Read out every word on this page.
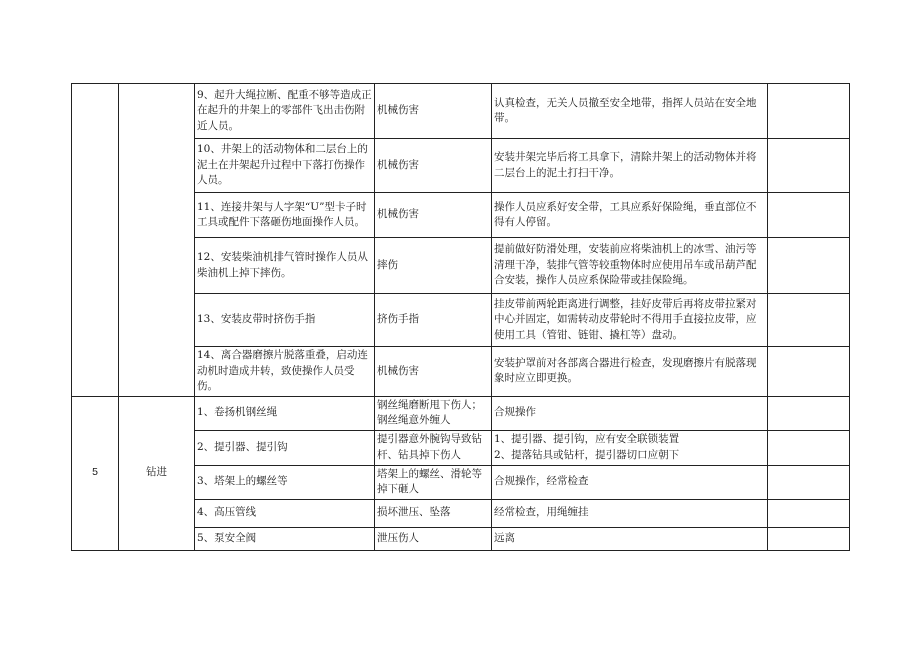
		9、起升大绳拉断、配重不够等造成正在起升的井架上的零部件飞出击伤附近人员。	机械伤害	认真检查，无关人员撤至安全地带，指挥人员站在安全地带。	
		10、井架上的活动物体和二层台上的泥土在井架起升过程中下落打伤操作人员。	机械伤害	安装井架完毕后将工具拿下，清除井架上的活动物体并将二层台上的泥土打扫干净。	
		11、连接井架与人字架“U”型卡子时工具或配件下落砸伤地面操作人员。	机械伤害	操作人员应系好安全带，工具应系好保险绳，垂直部位不得有人停留。	
		12、安装柴油机排气管时操作人员从柴油机上掉下摔伤。	摔伤	提前做好防滑处理，安装前应将柴油机上的冰雪、油污等清理干净，装排气管等较重物体时应使用吊车或吊葫芦配合安装，操作人员应系保险带或挂保险绳。	
		13、安装皮带时挤伤手指	挤伤手指	挂皮带前两轮距离进行调整，挂好皮带后再将皮带拉紧对中心并固定，如需转动皮带轮时不得用手直接拉皮带，应使用工具（管钳、链钳、撬杠等）盘动。	
		14、离合器磨擦片脱落重叠，启动连动机时造成井转，致使操作人员受伤。	机械伤害	安装护罩前对各部离合器进行检查，发现磨擦片有脱落现象时应立即更换。	
5	钻进	1、卷扬机钢丝绳	钢丝绳磨断甩下伤人；钢丝绳意外缠人	合规操作	
		2、提引器、提引钩	提引器意外腕钩导致钻杆、钻具掉下伤人	1、提引器、提引钩，应有安全联锁装置
2、提落钻具或钻杆，提引器切口应朝下	
		3、塔架上的螺丝等	塔架上的螺丝、滑轮等掉下砸人	合规操作，经常检查	
		4、高压管线	损坏泄压、坠落	经常检查，用绳缠挂	
		5、泵安全阀	泄压伤人	远离	
